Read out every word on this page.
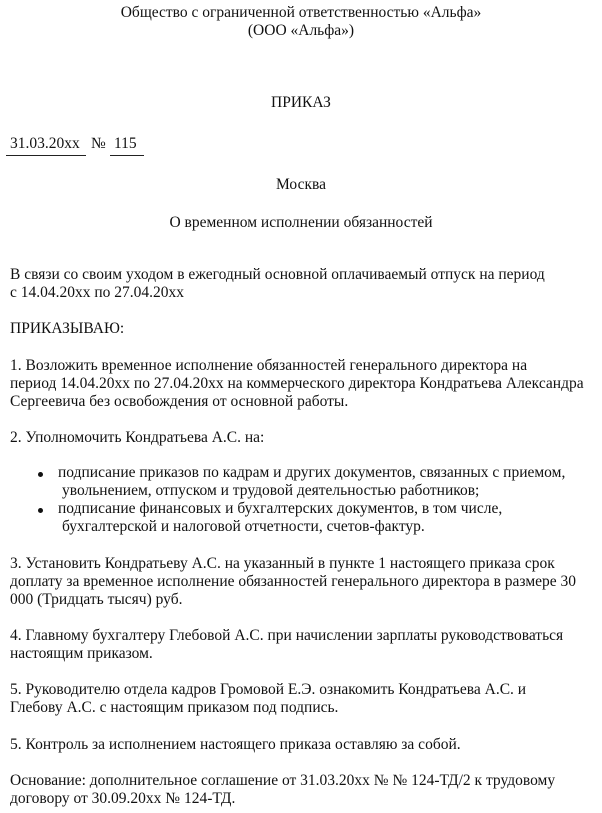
Общество с ограниченной ответственностью «Альфа»
(ООО «Альфа»)
ПРИКАЗ
31.03.20xx № 115
Москва
О временном исполнении обязанностей
В связи со своим уходом в ежегодный основной оплачиваемый отпуск на период
с 14.04.20xx по 27.04.20xx
ПРИКАЗЫВАЮ:
1. Возложить временное исполнение обязанностей генерального директора на
период 14.04.20xx по 27.04.20xx на коммерческого директора Кондратьева Александра
Сергеевича без освобождения от основной работы.
2. Уполномочить Кондратьева А.С. на:
подписание приказов по кадрам и других документов, связанных с приемом,
увольнением, отпуском и трудовой деятельностью работников;
подписание финансовых и бухгалтерских документов, в том числе,
бухгалтерской и налоговой отчетности, счетов-фактур.
3. Установить Кондратьеву А.С. на указанный в пункте 1 настоящего приказа срок
доплату за временное исполнение обязанностей генерального директора в размере 30
000 (Тридцать тысяч) руб.
4. Главному бухгалтеру Глебовой А.С. при начислении зарплаты руководствоваться
настоящим приказом.
5. Руководителю отдела кадров Громовой Е.Э. ознакомить Кондратьева А.С. и
Глебову А.С. с настоящим приказом под подпись.
5. Контроль за исполнением настоящего приказа оставляю за собой.
Основание: дополнительное соглашение от 31.03.20xx № № 124-ТД/2 к трудовому
договору от 30.09.20xx № 124-ТД.
